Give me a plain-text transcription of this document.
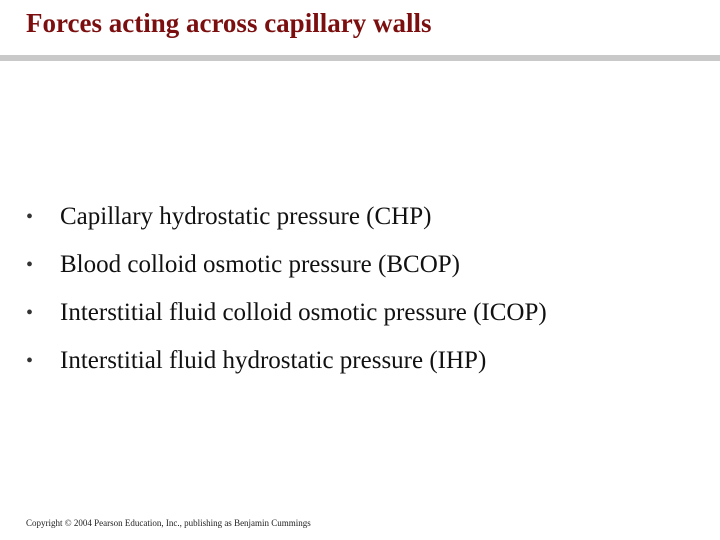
Forces acting across capillary walls
• Capillary hydrostatic pressure (CHP)
• Blood colloid osmotic pressure (BCOP)
• Interstitial fluid colloid osmotic pressure (ICOP)
• Interstitial fluid hydrostatic pressure (IHP)
Copyright © 2004 Pearson Education, Inc., publishing as Benjamin Cummings
